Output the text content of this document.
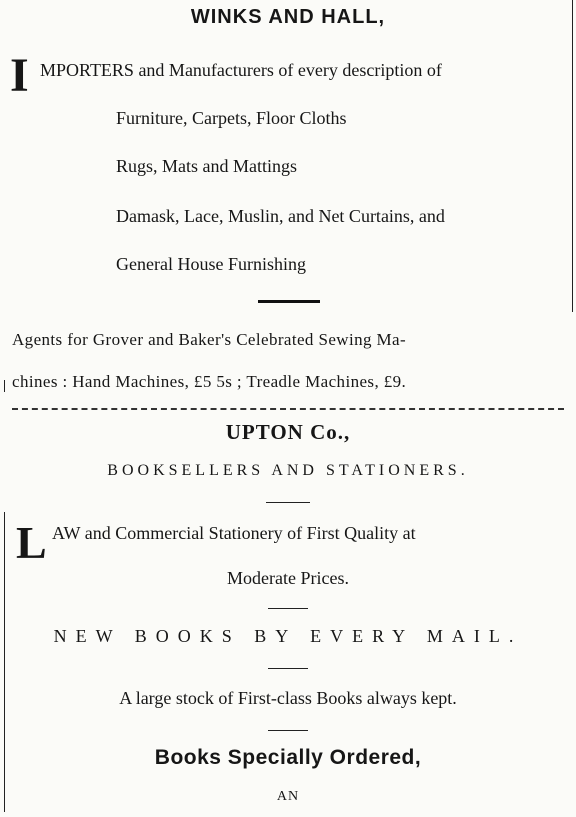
WINKS AND HALL,
I MPORTERS and Manufacturers of every description of
Furniture, Carpets, Floor Cloths
Rugs, Mats and Mattings
Damask, Lace, Muslin, and Net Curtains, and
General House Furnishing
Agents for Grover and Baker's Celebrated Sewing Ma-
chines : Hand Machines, £5 5s ; Treadle Machines, £9.
UPTON Co.,
BOOKSELLERS AND STATIONERS.
L AW and Commercial Stationery of First Quality at
Moderate Prices.
NEW BOOKS BY EVERY MAIL.
A large stock of First-class Books always kept.
Books Specially Ordered,
AN
